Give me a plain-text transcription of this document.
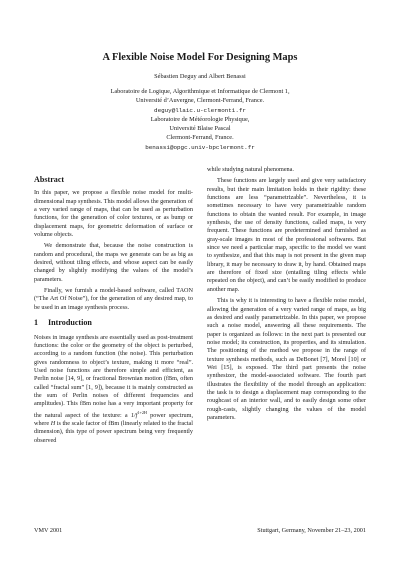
A Flexible Noise Model For Designing Maps
Sébastien Deguy and Albert Benassi
Laboratoire de Logique, Algorithmique et Informatique de Clermont 1,
Université d’Auvergne, Clermont-Ferrand, France.
deguy@llaic.u-clermont1.fr
Laboratoire de Météorologie Physique,
Université Blaise Pascal
Clermont-Ferrand, France.
benassi@opgc.univ-bpclermont.fr
Abstract

In this paper, we propose a flexible noise model for multi-dimensional map synthesis. This model allows the generation of a very varied range of maps, that can be used as perturbation functions, for the generation of color textures, or as bump or displacement maps, for geometric deformation of surface or volume objects.

We demonstrate that, because the noise construction is random and procedural, the maps we generate can be as big as desired, without tiling effects, and whose aspect can be easily changed by slightly modifying the values of the model’s parameters.

Finally, we furnish a model-based software, called TAON (“The Art Of Noise”), for the generation of any desired map, to be used in an image synthesis process.

1 Introduction

Noises in image synthesis are essentially used as post-treatment functions: the color or the geometry of the object is perturbed, according to a random function (the noise). This perturbation gives randomness to object’s texture, making it more “real”. Used noise functions are therefore simple and efficient, as Perlin noise [14, 9], or fractional Brownian motion (fBm, often called “fractal sum” [1, 9]), because it is mainly constructed as the sum of Perlin noises of different frequencies and amplitudes). This fBm noise has a very important property for the natural aspect of the texture: a $1/f^{1+2H}$ power spectrum, where H is the scale factor of fBm (linearly related to the fractal dimension), this type of power spectrum being very frequently observed

while studying natural phenomena.

These functions are largely used and give very satisfactory results, but their main limitation holds in their rigidity: these functions are less “parametrizable”. Nevertheless, it is sometimes necessary to have very parametrizable random functions to obtain the wanted result. For example, in image synthesis, the use of density functions, called maps, is very frequent. These functions are predetermined and furnished as gray-scale images in most of the professional softwares. But since we need a particular map, specific to the model we want to synthesize, and that this map is not present in the given map library, it may be necessary to draw it, by hand. Obtained maps are therefore of fixed size (entailing tiling effects while repeated on the object), and can’t be easily modified to produce another map.

This is why it is interesting to have a flexible noise model, allowing the generation of a very varied range of maps, as big as desired and easily parametrizable. In this paper, we propose such a noise model, answering all these requirements. The paper is organized as follows: in the next part is presented our noise model; its construction, its properties, and its simulation. The positioning of the method we propose in the range of texture synthesis methods, such as DeBonet [7], Morel [10] or Wei [15], is exposed. The third part presents the noise synthesizer, the model-associated software. The fourth part illustrates the flexibility of the model through an application: the task is to design a displacement map corresponding to the roughcast of an interior wall, and to easily design some other rough-casts, slightly changing the values of the model parameters.

VMV 2001	Stuttgart, Germany, November 21–23, 2001
